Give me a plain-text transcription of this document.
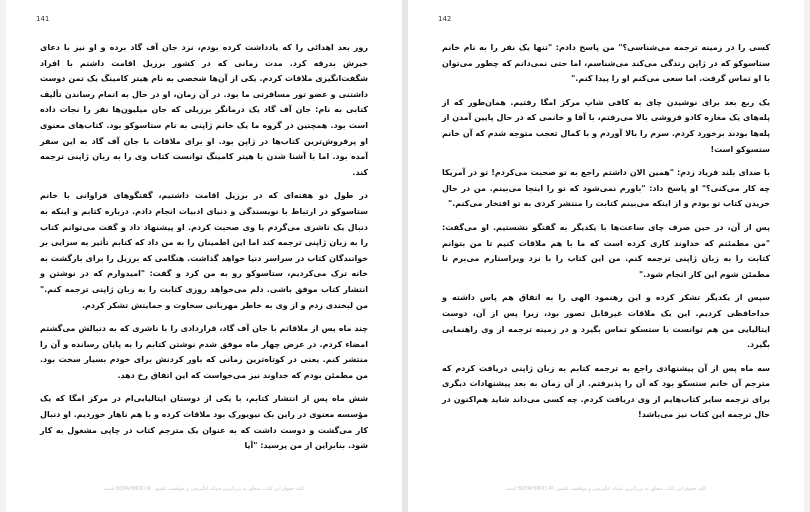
141

روز بعد اهدائی را که یادداشت کرده بودم، نزد جان آف گاد برده و او نیز با دعای خیرش بدرقه کرد. مدت زمانی که در کشور برزیل اقامت داشتم با افراد شگفت‌انگیزی ملاقات کردم. یکی از آن‌ها شخصی به نام هیتر کامینگ یک تمن دوست داشتنی و عضو تور مسافرتی ما بود. در آن زمان، او در حال به اتمام رساندن تألیف کتابی به نام: جان آف گاد یک درمانگر برزیلی که جان میلیون‌ها نفر را نجات داده است بود. همچنین در گروه ما یک خانم ژاپنی به نام ستاسوکو بود. کتاب‌های معنوی او پرفروش‌ترین کتاب‌ها در ژاپن بود. او برای ملاقات با جان آف گاد به این سفر آمده بود. اما با آشنا شدن با هیتر کامینگ توانست کتاب وی را به زبان ژاپنی ترجمه کند.

در طول دو هفته‌ای که در برزیل اقامت داشتیم، گفتگوهای فراوانی با خانم ستاسوکو در ارتباط با نویسندگی و دنیای ادبیات انجام دادم. درباره کتابم و اینکه به دنبال یک ناشری می‌گردم با وی صحبت کردم. او پیشنهاد داد و گفت می‌توانم کتاب را به زبان ژاپنی ترجمه کند اما این اطمینان را به من داد که کتابم تأثیر به سزایی بر خوانندگان کتاب در سراسر دنیا خواهد گذاشت. هنگامی که برزیل را برای بازگشت به خانه ترک می‌کردیم، ستاسوکو رو به من کرد و گفت: "امیدوارم که در نوشتن و انتشار کتاب موفق باشی. دلم می‌خواهد روزی کتابت را به زبان ژاپنی ترجمه کنم." من لبخندی زدم و از وی به خاطر مهربانی سخاوت و حمایتش تشکر کردم.

چند ماه پس از ملاقاتم با جان آف گاد، قراردادی را با ناشری که به دنبالش می‌گشتم امضاء کردم. در عرض چهار ماه موفق شدم نوشتن کتابم را به پایان رسانده و آن را منتشر کنم. یعنی در کوتاه‌ترین زمانی که باور کردنش برای خودم بسیار سخت بود. من مطمئن بودم که خداوند نیز می‌خواست که این اتفاق رخ دهد.

شش ماه پس از انتشار کتابم، با یکی از دوستان ایتالیایی‌ام در مرکز امگا که یک مؤسسه معنوی در راین بک نیویورک بود ملاقات کرده و با هم ناهار خوردیم. او دنبال کار می‌گشت و دوست داشت که به عنوان یک مترجم کتاب در چاپی مشغول به کار شود. بنابراین از من پرسید: "آیا

کلیه حقوق این کتاب متعلق به بزرگترین شبکه انگیزشی و موفقیت کشور: BOYAHMOD.IR است
142

کسی را در زمینه ترجمه می‌شناسی؟" من پاسخ دادم: "تنها یک نفر را به نام خانم ستاسوکو که در ژاپن زندگی می‌کند می‌شناسم، اما حتی نمی‌دانم که چطور می‌توان با او تماس گرفت. اما سعی می‌کنم او را پیدا کنم."

یک ربع بعد برای نوشیدن چای به کافی شاپ مرکز امگا رفتیم. همان‌طور که از پله‌های یک مغازه کادو فروشی بالا می‌رفتم، با آقا و خانمی که در حال پایین آمدن از پله‌ها بودند برخورد کردم. سرم را بالا آوردم و با کمال تعجب متوجه شدم که آن خانم ستسوکو است!

با صدای بلند فریاد زدم: "همین الان داشتم راجع به تو صحبت می‌کردم! تو در آمریکا چه کار می‌کنی؟" او پاسخ داد: "باورم نمی‌شود که تو را اینجا می‌بینم. من در حال خریدن کتاب تو بودم و از اینکه می‌بینم کتابت را منتشر کردی به تو افتخار می‌کنم."

پس از آن، در حین صرف چای ساعت‌ها با یکدیگر به گفتگو نشستیم. او می‌گفت: "من مطمئنم که خداوند کاری کرده است که ما با هم ملاقات کنیم تا من بتوانم کتابت را به زبان ژاپنی ترجمه کنم. من این کتاب را با نزد ویراستارم می‌برم تا مطمئن شوم این کار انجام شود."

سپس از یکدیگر تشکر کرده و این رهنمود الهی را به اتفاق هم پاس داشته و خداحافظی کردیم. این یک ملاقات غیرقابل تصور بود، زیرا پس از آن، دوست ایتالیایی من هم توانست با ستسکو تماس بگیرد و در زمینه ترجمه از وی راهنمایی بگیرد.

سه ماه پس از آن پیشنهادی راجع به ترجمه کتابم به زبان ژاپنی دریافت کردم که مترجم آن خانم ستسکو بود که آن را پذیرفتم. از آن زمان به بعد پیشنهادات دیگری برای ترجمه سایر کتاب‌هایم از وی دریافت کردم. چه کسی می‌داند شاید هم‌اکنون در حال ترجمه این کتاب نیز می‌باشد!

کلیه حقوق این کتاب متعلق به بزرگترین شبکه انگیزشی و موفقیت کشور: BOYAHMOD.IR است
